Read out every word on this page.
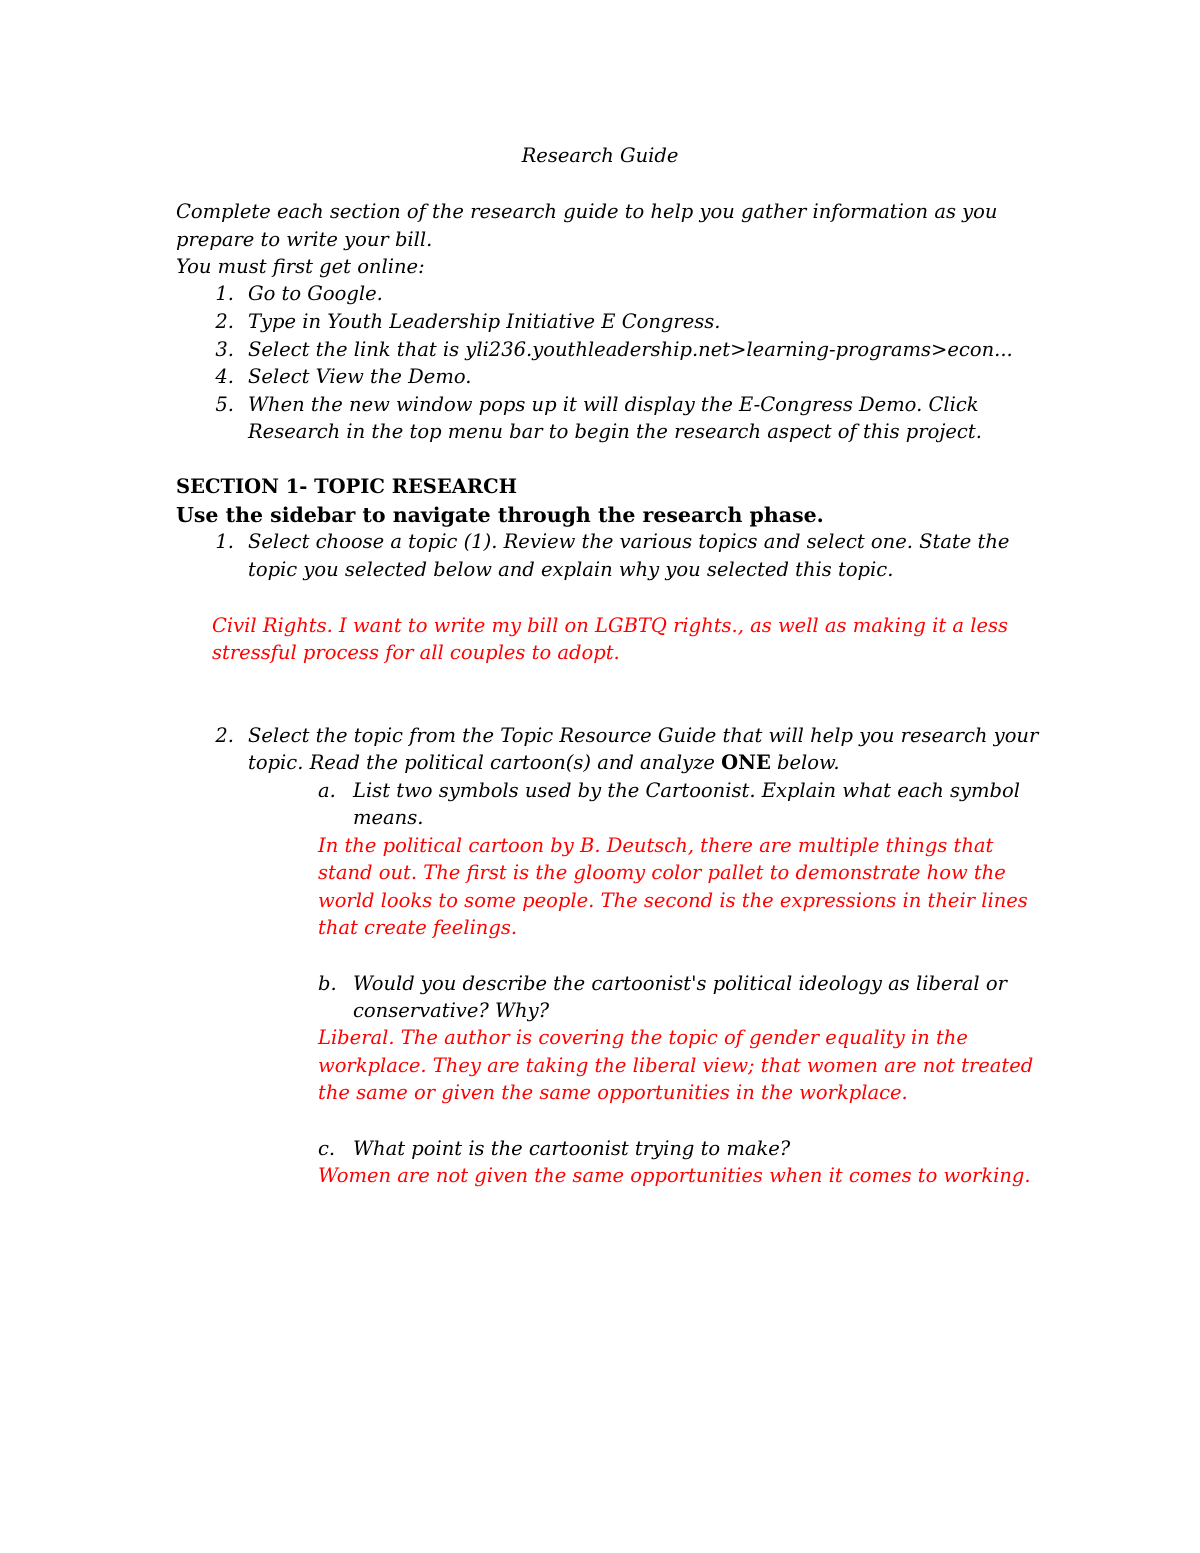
Research Guide
Complete each section of the research guide to help you gather information as you
prepare to write your bill.
You must first get online:
1. Go to Google.
2. Type in Youth Leadership Initiative E Congress.
3. Select the link that is yli236.youthleadership.net>learning-programs>econ...
4. Select View the Demo.
5. When the new window pops up it will display the E-Congress Demo. Click
Research in the top menu bar to begin the research aspect of this project.
SECTION 1- TOPIC RESEARCH
Use the sidebar to navigate through the research phase.
1. Select choose a topic (1). Review the various topics and select one. State the
topic you selected below and explain why you selected this topic.
Civil Rights. I want to write my bill on LGBTQ rights., as well as making it a less
stressful process for all couples to adopt.
2. Select the topic from the Topic Resource Guide that will help you research your
topic. Read the political cartoon(s) and analyze ONE below.
a. List two symbols used by the Cartoonist. Explain what each symbol
means.
In the political cartoon by B. Deutsch, there are multiple things that
stand out. The first is the gloomy color pallet to demonstrate how the
world looks to some people. The second is the expressions in their lines
that create feelings.
b. Would you describe the cartoonist's political ideology as liberal or
conservative? Why?
Liberal. The author is covering the topic of gender equality in the
workplace. They are taking the liberal view; that women are not treated
the same or given the same opportunities in the workplace.
c. What point is the cartoonist trying to make?
Women are not given the same opportunities when it comes to working.
